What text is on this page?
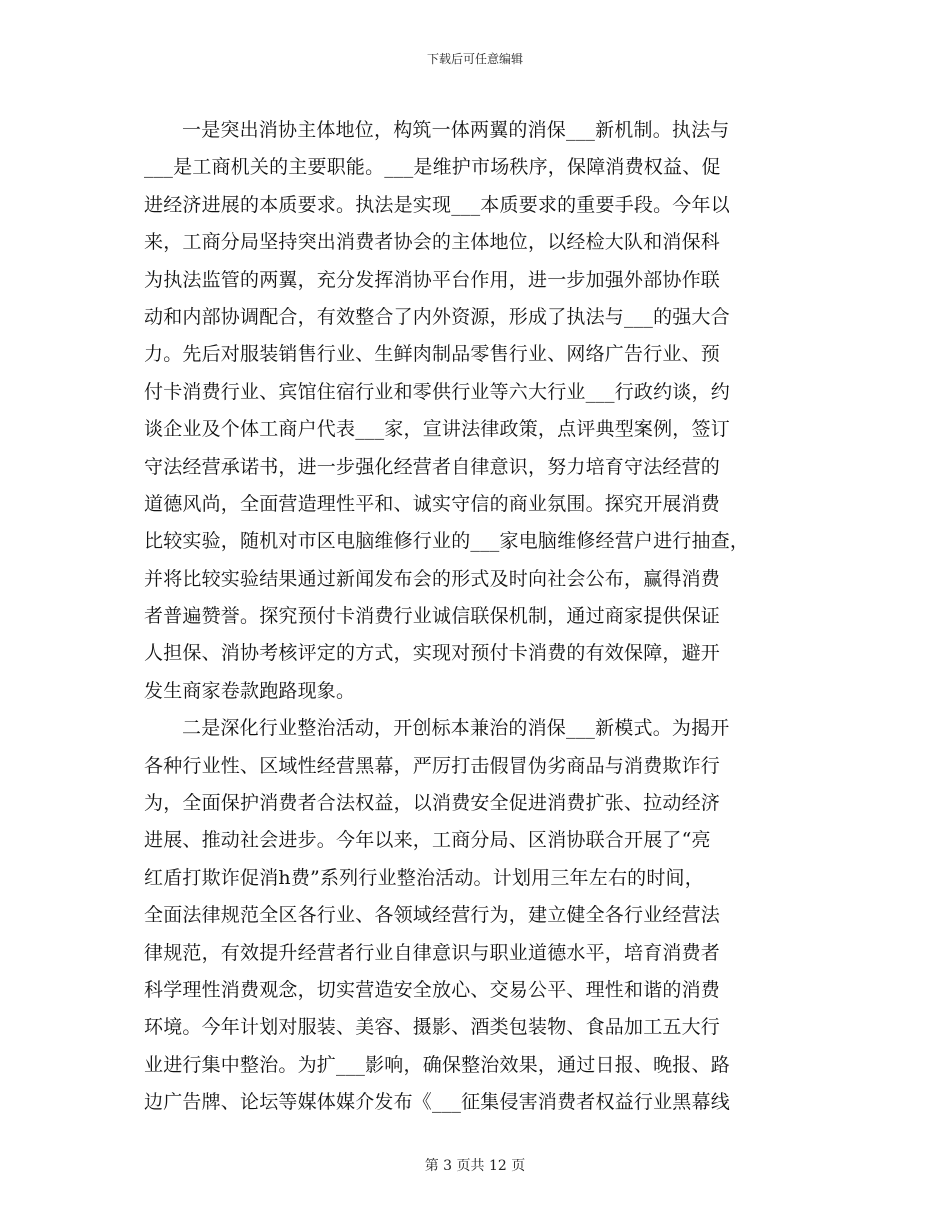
下载后可任意编辑
一是突出消协主体地位，构筑一体两翼的消保___新机制。执法与
___是工商机关的主要职能。___是维护市场秩序，保障消费权益、促
进经济进展的本质要求。执法是实现___本质要求的重要手段。今年以
来，工商分局坚持突出消费者协会的主体地位，以经检大队和消保科
为执法监管的两翼，充分发挥消协平台作用，进一步加强外部协作联
动和内部协调配合，有效整合了内外资源，形成了执法与___的强大合
力。先后对服装销售行业、生鲜肉制品零售行业、网络广告行业、预
付卡消费行业、宾馆住宿行业和零供行业等六大行业___行政约谈，约
谈企业及个体工商户代表___家，宣讲法律政策，点评典型案例，签订
守法经营承诺书，进一步强化经营者自律意识，努力培育守法经营的
道德风尚，全面营造理性平和、诚实守信的商业氛围。探究开展消费
比较实验，随机对市区电脑维修行业的___家电脑维修经营户进行抽查，
并将比较实验结果通过新闻发布会的形式及时向社会公布，赢得消费
者普遍赞誉。探究预付卡消费行业诚信联保机制，通过商家提供保证
人担保、消协考核评定的方式，实现对预付卡消费的有效保障，避开
发生商家卷款跑路现象。
二是深化行业整治活动，开创标本兼治的消保___新模式。为揭开
各种行业性、区域性经营黑幕，严厉打击假冒伪劣商品与消费欺诈行
为，全面保护消费者合法权益，以消费安全促进消费扩张、拉动经济
进展、推动社会进步。今年以来，工商分局、区消协联合开展了“亮
红盾打欺诈促消h费”系列行业整治活动。计划用三年左右的时间，
全面法律规范全区各行业、各领域经营行为，建立健全各行业经营法
律规范，有效提升经营者行业自律意识与职业道德水平，培育消费者
科学理性消费观念，切实营造安全放心、交易公平、理性和谐的消费
环境。今年计划对服装、美容、摄影、酒类包装物、食品加工五大行
业进行集中整治。为扩___影响，确保整治效果，通过日报、晚报、路
边广告牌、论坛等媒体媒介发布《___征集侵害消费者权益行业黑幕线
第 3 页共 12 页
